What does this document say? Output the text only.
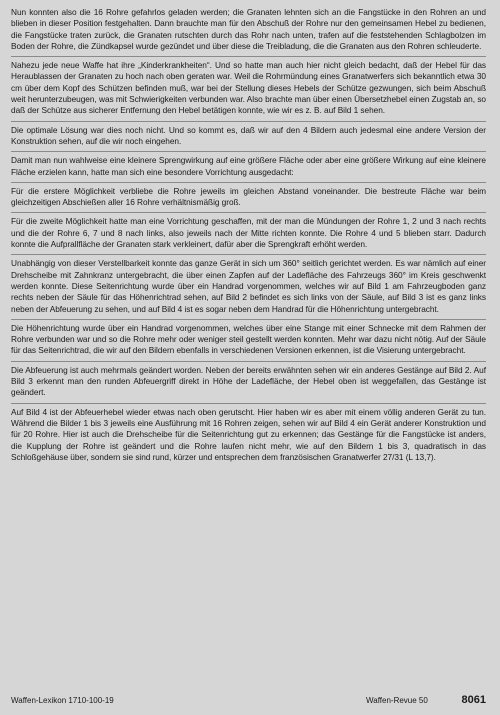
Nun konnten also die 16 Rohre gefahrlos geladen werden; die Granaten lehnten sich an die Fangstücke in den Rohren an und blieben in dieser Position festgehalten. Dann brauchte man für den Abschuß der Rohre nur den gemeinsamen Hebel zu bedienen, die Fangstücke traten zurück, die Granaten rutschten durch das Rohr nach unten, trafen auf die feststehenden Schlagbolzen im Boden der Rohre, die Zündkapsel wurde gezündet und über diese die Treibladung, die die Granaten aus den Rohren schleuderte.

Nahezu jede neue Waffe hat ihre „Kinderkrankheiten“. Und so hatte man auch hier nicht gleich bedacht, daß der Hebel für das Heraublassen der Granaten zu hoch nach oben geraten war. Weil die Rohrmündung eines Granatwerfers sich bekanntlich etwa 30 cm über dem Kopf des Schützen befinden muß, war bei der Stellung dieses Hebels der Schütze gezwungen, sich beim Abschuß weit herunterzubeugen, was mit Schwierigkeiten verbunden war. Also brachte man über einen Übersetzhebel einen Zugstab an, so daß der Schütze aus sicherer Entfernung den Hebel betätigen konnte, wie wir es z. B. auf Bild 1 sehen.

Die optimale Lösung war dies noch nicht. Und so kommt es, daß wir auf den 4 Bildern auch jedesmal eine andere Version der Konstruktion sehen, auf die wir noch eingehen.

Damit man nun wahlweise eine kleinere Sprengwirkung auf eine größere Fläche oder aber eine größere Wirkung auf eine kleinere Fläche erzielen kann, hatte man sich eine besondere Vorrichtung ausgedacht:

Für die erstere Möglichkeit verbliebe die Rohre jeweils im gleichen Abstand voneinander. Die bestreute Fläche war beim gleichzeitigen Abschießen aller 16 Rohre verhältnismäßig groß.

Für die zweite Möglichkeit hatte man eine Vorrichtung geschaffen, mit der man die Mündungen der Rohre 1, 2 und 3 nach rechts und die der Rohre 6, 7 und 8 nach links, also jeweils nach der Mitte richten konnte. Die Rohre 4 und 5 blieben starr. Dadurch konnte die Aufprallfläche der Granaten stark verkleinert, dafür aber die Sprengkraft erhöht werden.

Unabhängig von dieser Verstellbarkeit konnte das ganze Gerät in sich um 360° seitlich gerichtet werden. Es war nämlich auf einer Drehscheibe mit Zahnkranz untergebracht, die über einen Zapfen auf der Ladefläche des Fahrzeugs 360° im Kreis geschwenkt werden konnte. Diese Seitenrichtung wurde über ein Handrad vorgenommen, welches wir auf Bild 1 am Fahrzeugboden ganz rechts neben der Säule für das Höhenrichtrad sehen, auf Bild 2 befindet es sich links von der Säule, auf Bild 3 ist es ganz links neben der Abfeuerung zu sehen, und auf Bild 4 ist es sogar neben dem Handrad für die Höhenrichtung untergebracht.

Die Höhenrichtung wurde über ein Handrad vorgenommen, welches über eine Stange mit einer Schnecke mit dem Rahmen der Rohre verbunden war und so die Rohre mehr oder weniger steil gestellt werden konnten. Mehr war dazu nicht nötig. Auf der Säule für das Seitenrichtrad, die wir auf den Bildern ebenfalls in verschiedenen Versionen erkennen, ist die Visierung untergebracht.

Die Abfeuerung ist auch mehrmals geändert worden. Neben der bereits erwähnten sehen wir ein anderes Gestänge auf Bild 2. Auf Bild 3 erkennt man den runden Abfeuergriff direkt in Höhe der Ladefläche, der Hebel oben ist weggefallen, das Gestänge ist geändert.

Auf Bild 4 ist der Abfeuerhebel wieder etwas nach oben gerutscht. Hier haben wir es aber mit einem völlig anderen Gerät zu tun. Während die Bilder 1 bis 3 jeweils eine Ausführung mit 16 Rohren zeigen, sehen wir auf Bild 4 ein Gerät anderer Konstruktion und für 20 Rohre. Hier ist auch die Drehscheibe für die Seitenrichtung gut zu erkennen; das Gestänge für die Fangstücke ist anders, die Kupplung der Rohre ist geändert und die Rohre laufen nicht mehr, wie auf den Bildern 1 bis 3, quadratisch in das Schloßgehäuse über, sondern sie sind rund, kürzer und entsprechen dem französischen Granatwerfer 27/31 (L 13,7).

Waffen-Lexikon 1710-100-19	Waffen-Revue 50	8061
